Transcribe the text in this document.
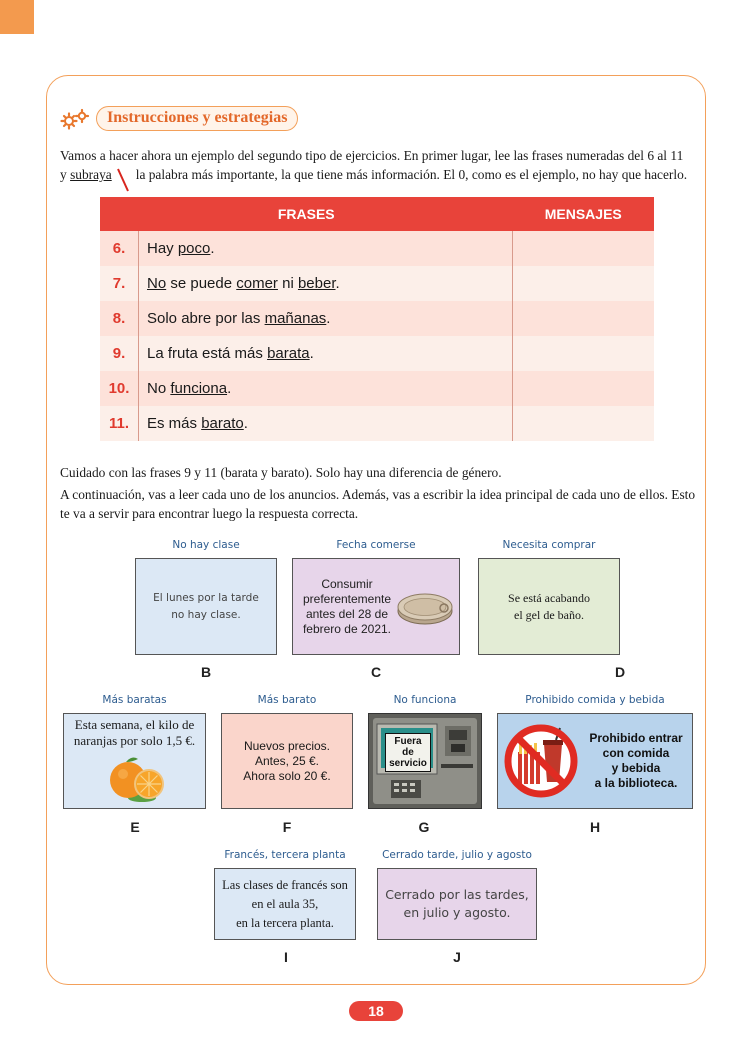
Instrucciones y estrategias
Vamos a hacer ahora un ejemplo del segundo tipo de ejercicios. En primer lugar, lee las frases numeradas del 6 al 11 y subraya la palabra más importante, la que tiene más información. El 0, como es el ejemplo, no hay que hacerlo.
FRASES		MENSAJES
6.	Hay poco.	
7.	No se puede comer ni beber.	
8.	Solo abre por las mañanas.	
9.	La fruta está más barata.	
10.	No funciona.	
11.	Es más barato.	
Cuidado con las frases 9 y 11 (barata y barato). Solo hay una diferencia de género.
A continuación, vas a leer cada uno de los anuncios. Además, vas a escribir la idea principal de cada uno de ellos. Esto te va a servir para encontrar luego la respuesta correcta.
No hay clase
El lunes por la tarde
no hay clase.
B
Fecha comerse
Consumir
preferentemente
antes del 28 de
febrero de 2021.
C
Necesita comprar
Se está acabando
el gel de baño.
D
Más baratas
Esta semana, el kilo de
naranjas por solo 1,5 €.
E
Más barato
Nuevos precios.
Antes, 25 €.
Ahora solo 20 €.
F
No funciona
Fuera
de
servicio
G
Prohibido comida y bebida
Prohibido entrar
con comida
y bebida
a la biblioteca.
H
Francés, tercera planta
Las clases de francés son
en el aula 35,
en la tercera planta.
I
Cerrado tarde, julio y agosto
Cerrado por las tardes,
en julio y agosto.
J
18
